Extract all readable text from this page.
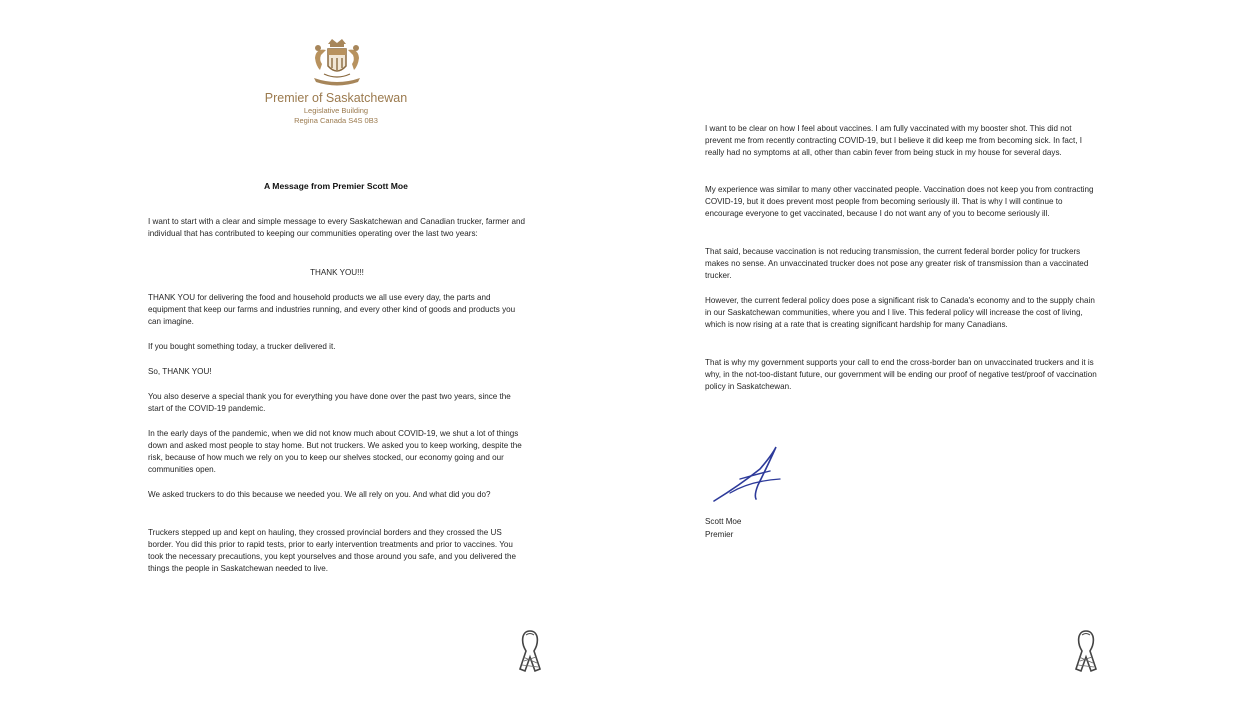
Premier of Saskatchewan
Legislative Building
Regina Canada S4S 0B3
A Message from Premier Scott Moe

I want to start with a clear and simple message to every Saskatchewan and Canadian trucker, farmer and individual that has contributed to keeping our communities operating over the last two years:

THANK YOU!!!

THANK YOU for delivering the food and household products we all use every day, the parts and equipment that keep our farms and industries running, and every other kind of goods and products you can imagine.

If you bought something today, a trucker delivered it.

So, THANK YOU!

You also deserve a special thank you for everything you have done over the past two years, since the start of the COVID-19 pandemic.

In the early days of the pandemic, when we did not know much about COVID-19, we shut a lot of things down and asked most people to stay home. But not truckers. We asked you to keep working, despite the risk, because of how much we rely on you to keep our shelves stocked, our economy going and our communities open.

We asked truckers to do this because we needed you. We all rely on you. And what did you do?

Truckers stepped up and kept on hauling, they crossed provincial borders and they crossed the US border. You did this prior to rapid tests, prior to early intervention treatments and prior to vaccines. You took the necessary precautions, you kept yourselves and those around you safe, and you delivered the things the people in Saskatchewan needed to live.

I want to be clear on how I feel about vaccines. I am fully vaccinated with my booster shot. This did not prevent me from recently contracting COVID-19, but I believe it did keep me from becoming sick. In fact, I really had no symptoms at all, other than cabin fever from being stuck in my house for several days.

My experience was similar to many other vaccinated people. Vaccination does not keep you from contracting COVID-19, but it does prevent most people from becoming seriously ill. That is why I will continue to encourage everyone to get vaccinated, because I do not want any of you to become seriously ill.

That said, because vaccination is not reducing transmission, the current federal border policy for truckers makes no sense. An unvaccinated trucker does not pose any greater risk of transmission than a vaccinated trucker.

However, the current federal policy does pose a significant risk to Canada's economy and to the supply chain in our Saskatchewan communities, where you and I live. This federal policy will increase the cost of living, which is now rising at a rate that is creating significant hardship for many Canadians.

That is why my government supports your call to end the cross-border ban on unvaccinated truckers and it is why, in the not-too-distant future, our government will be ending our proof of negative test/proof of vaccination policy in Saskatchewan.

Scott Moe
Premier
